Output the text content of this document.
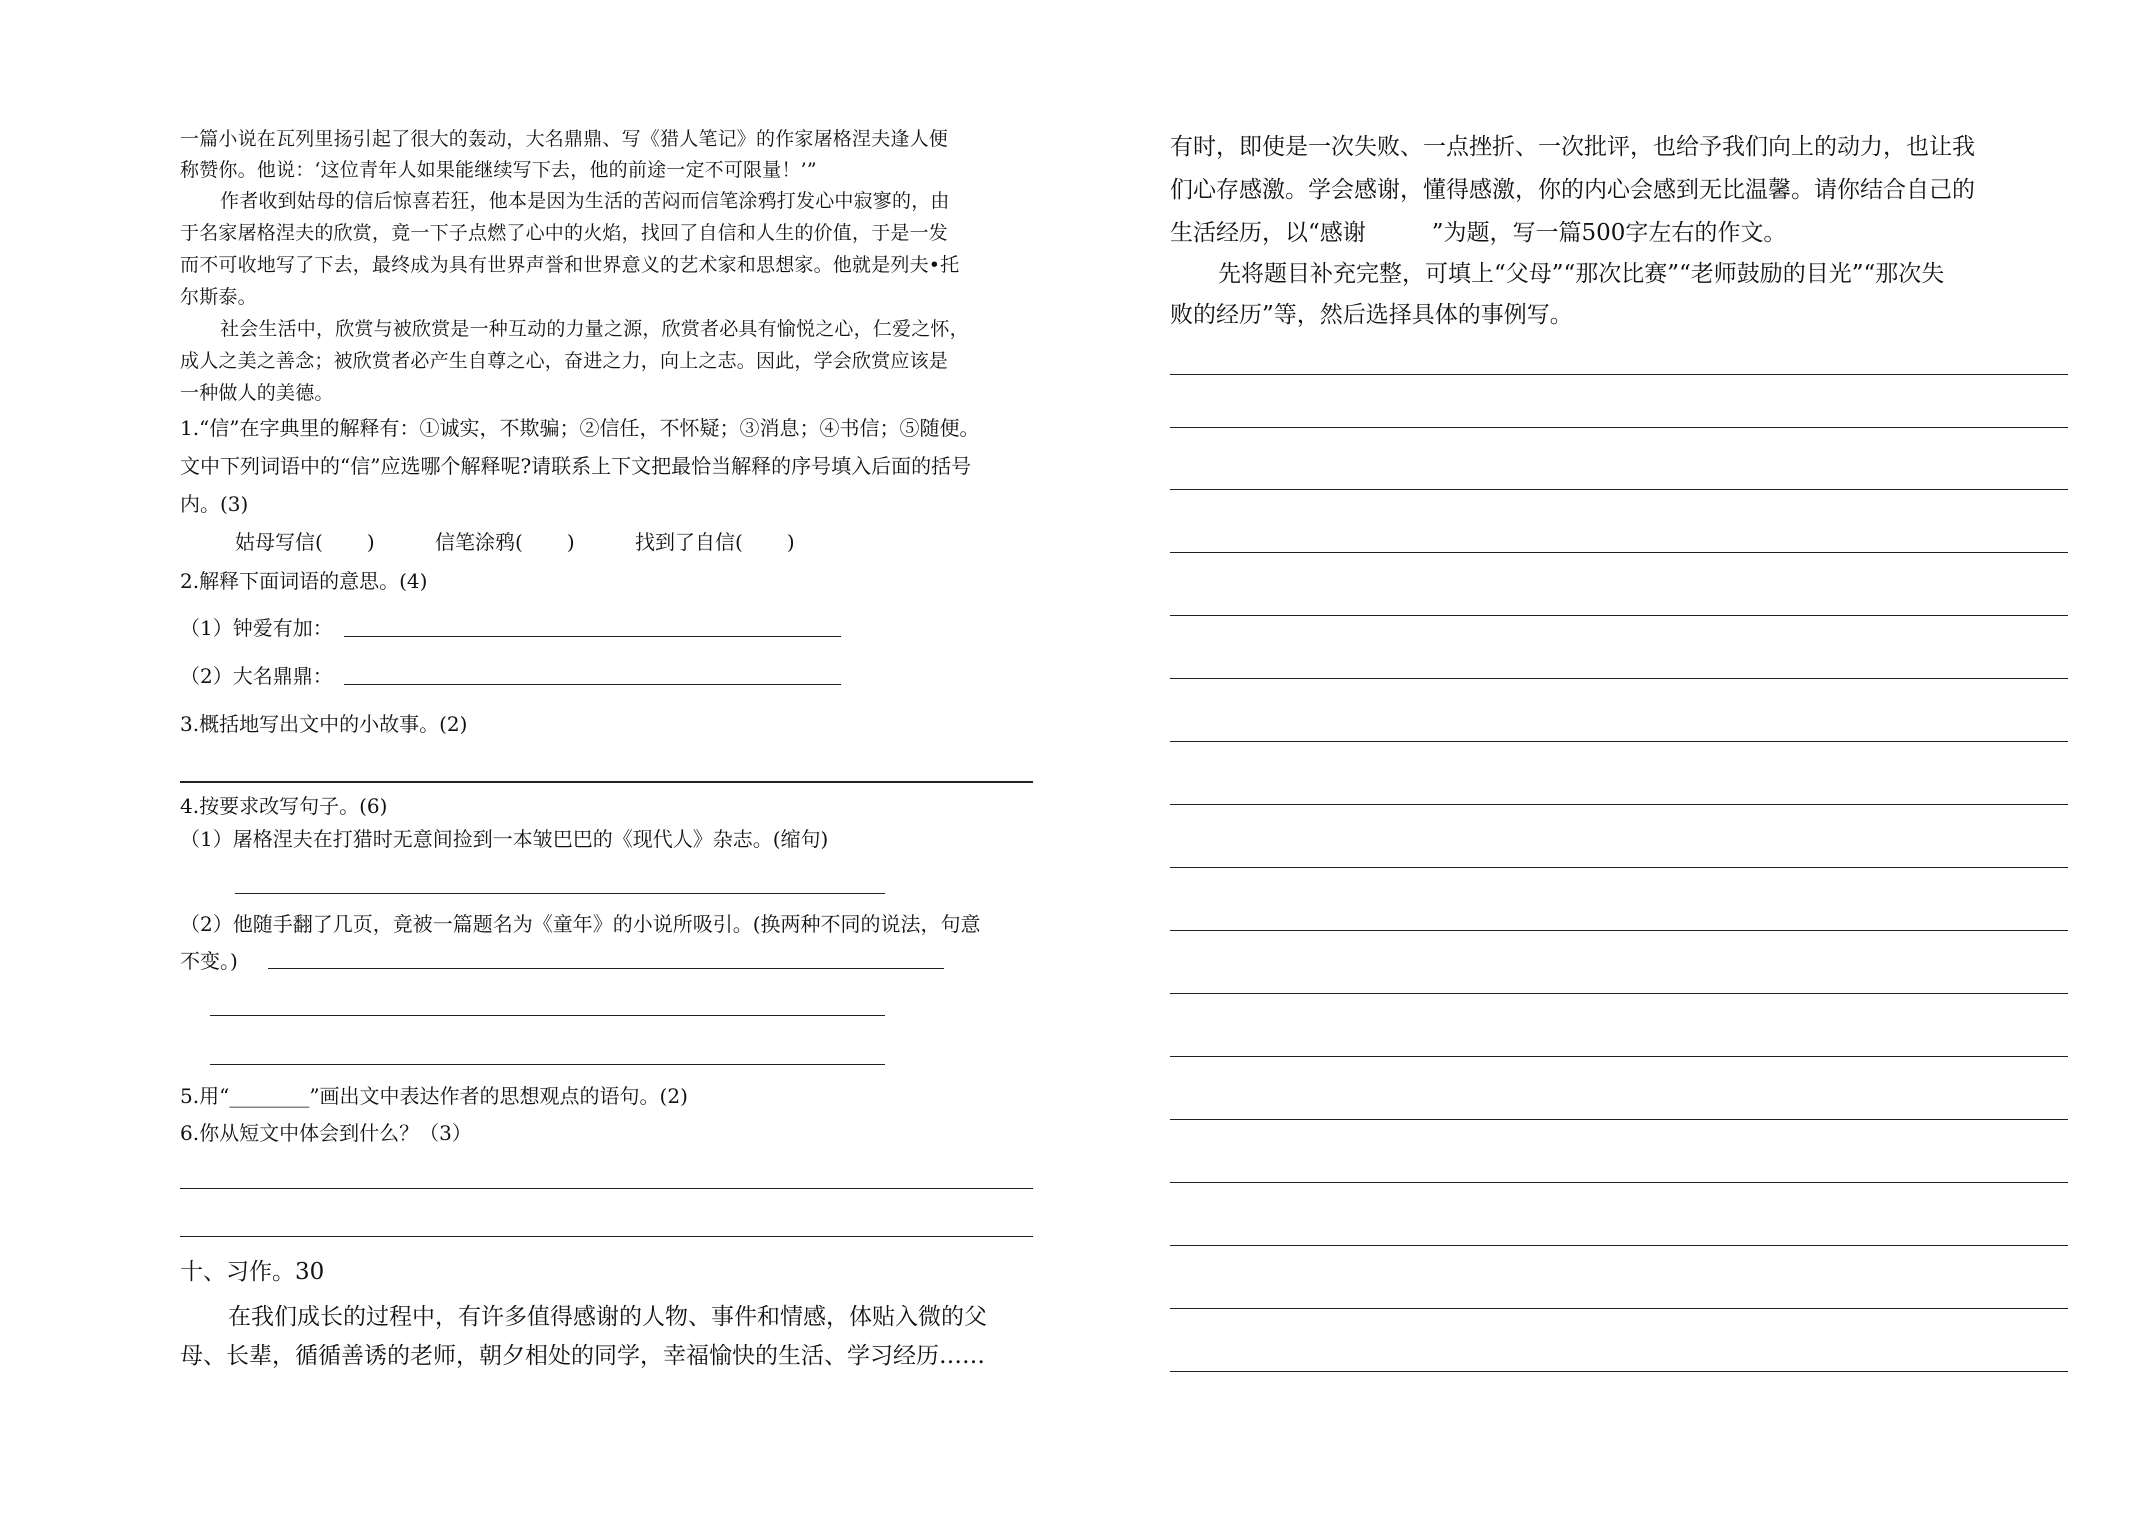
一篇小说在瓦列里扬引起了很大的轰动，大名鼎鼎、写《猎人笔记》的作家屠格涅夫逢人便
称赞你。他说：‘这位青年人如果能继续写下去，他的前途一定不可限量！’”
作者收到姑母的信后惊喜若狂，他本是因为生活的苦闷而信笔涂鸦打发心中寂寥的，由
于名家屠格涅夫的欣赏，竟一下子点燃了心中的火焰，找回了自信和人生的价值，于是一发
而不可收地写了下去，最终成为具有世界声誉和世界意义的艺术家和思想家。他就是列夫•托
尔斯泰。
社会生活中，欣赏与被欣赏是一种互动的力量之源，欣赏者必具有愉悦之心，仁爱之怀，
成人之美之善念；被欣赏者必产生自尊之心，奋进之力，向上之志。因此，学会欣赏应该是
一种做人的美德。
1.“信”在字典里的解释有：①诚实，不欺骗；②信任，不怀疑；③消息；④书信；⑤随便。
文中下列词语中的“信”应选哪个解释呢?请联系上下文把最恰当解释的序号填入后面的括号
内。(3)
姑母写信( )	信笔涂鸦( )	找到了自信( )
2.解释下面词语的意思。(4)
（1）钟爱有加：
（2）大名鼎鼎：
3.概括地写出文中的小故事。(2)
4.按要求改写句子。(6)
（1）屠格涅夫在打猎时无意间捡到一本皱巴巴的《现代人》杂志。(缩句)
（2）他随手翻了几页，竟被一篇题名为《童年》的小说所吸引。(换两种不同的说法，句意
不变。)
5.用“________”画出文中表达作者的思想观点的语句。(2)
6.你从短文中体会到什么？（3）
十、习作。30
在我们成长的过程中，有许多值得感谢的人物、事件和情感，体贴入微的父
母、长辈，循循善诱的老师，朝夕相处的同学，幸福愉快的生活、学习经历……
有时，即使是一次失败、一点挫折、一次批评，也给予我们向上的动力，也让我
们心存感激。学会感谢，懂得感激，你的内心会感到无比温馨。请你结合自己的
生活经历，以“感谢	”为题，写一篇500字左右的作文。
先将题目补充完整，可填上“父母”“那次比赛”“老师鼓励的目光”“那次失
败的经历”等，然后选择具体的事例写。
